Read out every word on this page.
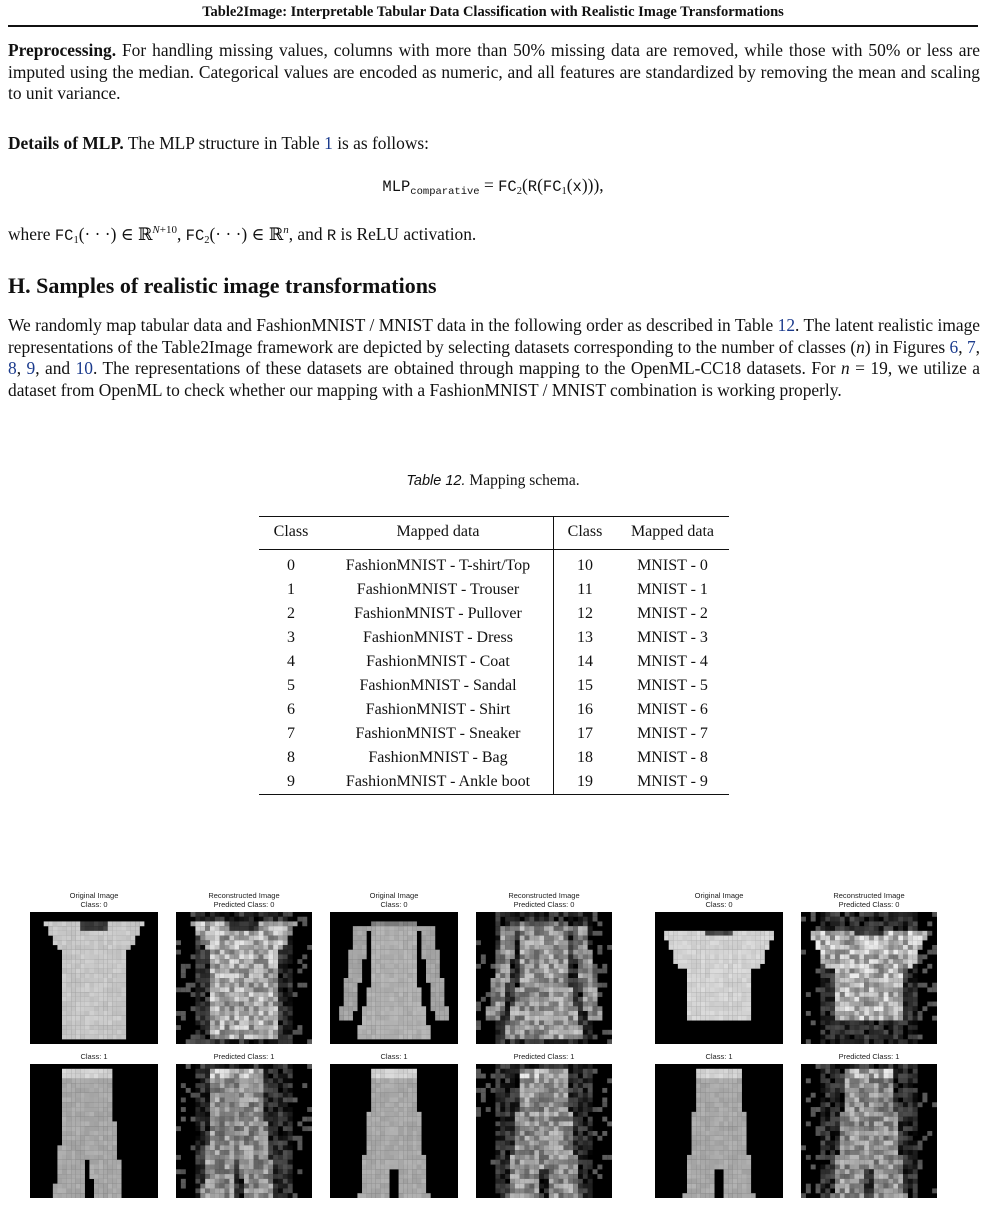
Table2Image: Interpretable Tabular Data Classification with Realistic Image Transformations

Preprocessing. For handling missing values, columns with more than 50% missing data are removed, while those with 50% or less are imputed using the median. Categorical values are encoded as numeric, and all features are standardized by removing the mean and scaling to unit variance.

Details of MLP. The MLP structure in Table 1 is as follows:

$MLP_{comparative} = FC_2(R(FC_1(x)))$,

where $FC_1(\cdot$ · ·) ∈ ℝ$^{N+10}$, $FC_2(\cdot$ · ·) ∈ ℝ$^n$, and R is ReLU activation.

H. Samples of realistic image transformations

We randomly map tabular data and FashionMNIST / MNIST data in the following order as described in Table 12. The latent realistic image representations of the Table2Image framework are depicted by selecting datasets corresponding to the number of classes (n) in Figures 6, 7, 8, 9, and 10. The representations of these datasets are obtained through mapping to the OpenML-CC18 datasets. For n = 19, we utilize a dataset from OpenML to check whether our mapping with a FashionMNIST / MNIST combination is working properly.

Table 12. Mapping schema.
Class	Mapped data	Class	Mapped data
0	FashionMNIST - T-shirt/Top	10	MNIST - 0
1	FashionMNIST - Trouser	11	MNIST - 1
2	FashionMNIST - Pullover	12	MNIST - 2
3	FashionMNIST - Dress	13	MNIST - 3
4	FashionMNIST - Coat	14	MNIST - 4
5	FashionMNIST - Sandal	15	MNIST - 5
6	FashionMNIST - Shirt	16	MNIST - 6
7	FashionMNIST - Sneaker	17	MNIST - 7
8	FashionMNIST - Bag	18	MNIST - 8
9	FashionMNIST - Ankle boot	19	MNIST - 9
Original Image
Class: 0
Reconstructed Image
Predicted Class: 0
Class: 1	Predicted Class: 1
Original Image
Class: 0
Reconstructed Image
Predicted Class: 0
Class: 1	Predicted Class: 1
Original Image
Class: 0
Reconstructed Image
Predicted Class: 0
Class: 1	Predicted Class: 1
